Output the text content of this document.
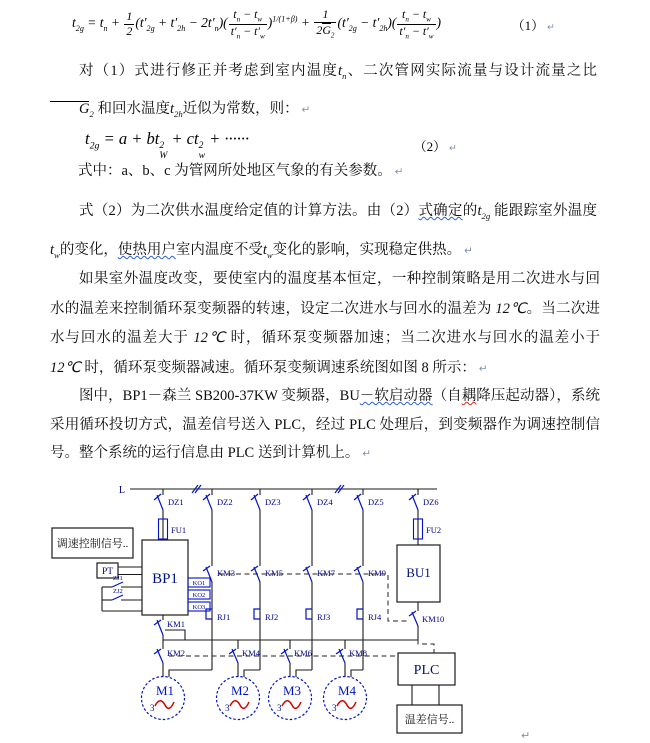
$t_{2g} = t_n + \frac{1}{2} (t'_{2g} + t'_{2h} - 2t'_n)( \frac{t_n - t_w}{t'_n - t'_w} )^{1/(1+\beta)} + \frac{1}{2G_2} (t'_{2g} - t'_{2h})( \frac{t_n - t_w}{t'_n - t'_w}$ )	（1） ↵
对（1）式进行修正并考虑到室内温度$t_n$、二次管网实际流量与设计流量之比 $G_2$ 和回水温度$t_{2h}$近似为常数，则： ↵
$t_{2g} = a$ + bt 2
W
+ ct 2
w
+ ······	（2） ↵
式中：a、b、c 为管网所处地区气象的有关参数。 ↵
式（2）为二次供水温度给定值的计算方法。由（2）式确定的$t_{2g}$ 能跟踪室外温度$t_w$的变化，使热用户室内温度不受$t_w$变化的影响，实现稳定供热。 ↵
如果室外温度改变，要使室内的温度基本恒定，一种控制策略是用二次进水与回水的温差来控制循环泵变频器的转速，设定二次进水与回水的温差为 12℃。当二次进水与回水的温差大于 12℃ 时，循环泵变频器加速；当二次进水与回水的温差小于 12℃ 时，循环泵变频器减速。循环泵变频调速系统图如图 8 所示： ↵
图中，BP1－森兰 SB200-37KW 变频器，BU－软启动器（自耦降压起动器），系统采用循环投切方式，温差信号送入 PLC，经过 PLC 处理后，到变频器作为调速控制信号。整个系统的运行信息由 PLC 送到计算机上。 ↵
L
DZ1	DZ2	DZ3	DZ4	DZ5	DZ6
FU1
BP1
调速控制信号..
PT
ZJ1
ZJ2
KO1
KO2
KO3
KM3
RJ1
KM5
RJ2
KM7
RJ3
KM9
RJ4
FU2
BU1
KM10
KM1
KM2	KM4	KM6	KM8
M1
3
M2
3
M3
3
M4
3
PLC
温差信号..
↵
